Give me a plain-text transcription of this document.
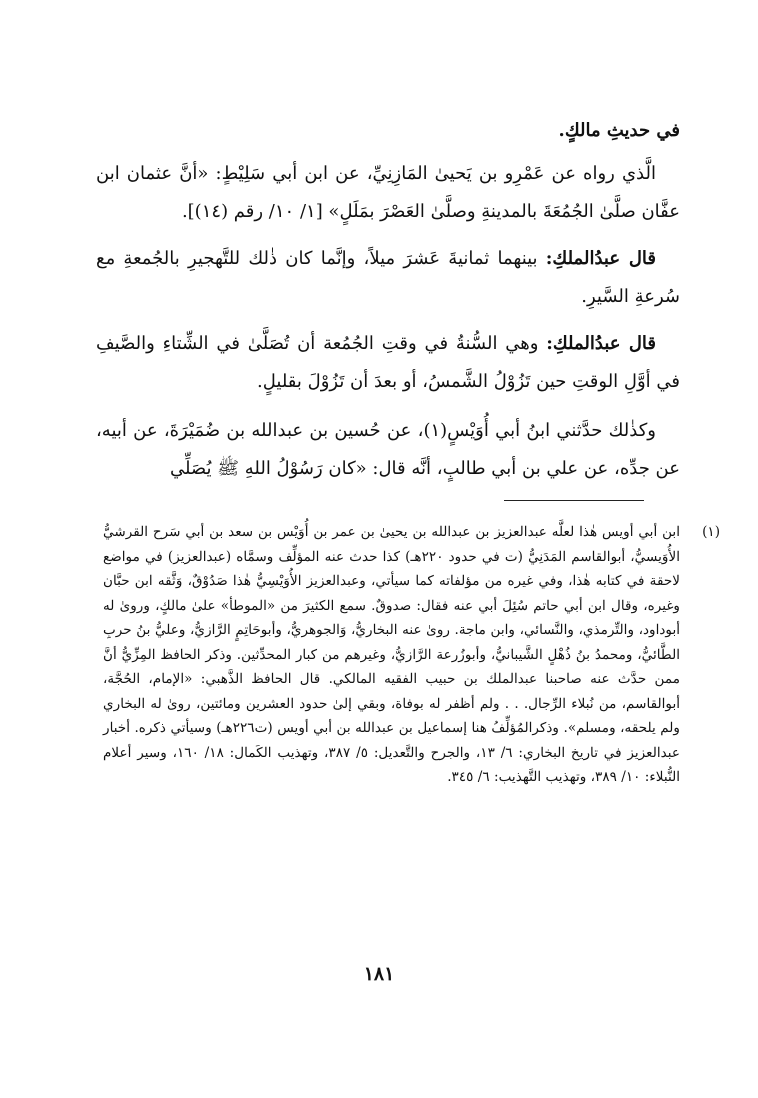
في حديثِ مالكٍ.

الَّذي رواه عن عَمْرِو بن يَحيىٰ المَازِنِيِّ، عن ابن أبي سَلِيْطٍ: «أنَّ عثمان ابن عفَّان صلَّىٰ الجُمُعَةَ بالمدينةِ وصلَّىٰ العَصْرَ بمَلَلٍ» [١/ ١٠/ رقم (١٤)].

قال عبدُالملكِ: بينهما ثمانيةَ عَشرَ ميلاً، وإنَّما كان ذٰلك للتَّهجيرِ بالجُمعةِ مع سُرعةِ السَّيرِ.

قال عبدُالملكِ: وهي السُّنةُ في وقتِ الجُمُعة أن تُصَلَّىٰ في الشِّتاءِ والصَّيفِ في أوَّلِ الوقتِ حين تَزُوْلُ الشَّمسُ، أو بعدَ أن تَزُوْلَ بقليلٍ.

وكذٰلك حدَّثني ابنُ أبي أُوَيْسٍ(١)، عن حُسين بن عبدالله بن ضُمَيْرَةَ، عن أبيه، عن جدِّه، عن علي بن أبي طالبٍ، أنَّه قال: «كان رَسُوْلُ اللهِ ﷺ يُصَلِّي

(١)
ابن أبي أويس هٰذا لعلَّه عبدالعزيز بن عبدالله بن يحيىٰ بن عمر بن أُوَيْس بن سعد بن أبي سَرح القرشيُّ الأُوَيسيُّ، أبوالقاسم المَدَنِيُّ (ت في حدود ٢٢٠هـ) كذا حدث عنه المؤلِّف وسمَّاه (عبدالعزيز) في مواضع لاحقة في كتابه هٰذا، وفي غيره من مؤلفاته كما سيأتي، وعبدالعزيز الأُوَيْسِيُّ هٰذا صَدُوْقٌ، وَثَّقه ابن حبَّان وغيره، وقال ابن أبي حاتم سُئِلَ أبي عنه فقال: صدوقٌ. سمع الكثيرَ من «الموطأ» علىٰ مالكٍ، وروىٰ له أبوداود، والتِّرمذي، والنَّسائي، وابن ماجة. روىٰ عنه البخاريُّ، وَالجوهريُّ، وأبوحَاتِمٍ الرَّازيُّ، وعليُّ بنُ حربِ الطَّائيُّ، ومحمدُ بنُ ذُهْلٍ الشَّيبانيُّ، وأبوزُرعة الرَّازيُّ، وغيرهم من كبار المحدِّثين. وذكر الحافظ المِزِّيُّ أنَّ ممن حدَّث عنه صاحبنا عبدالملك بن حبيب الفقيه المالكي. قال الحافظ الذَّهبي: «الإمام، الحُجَّة، أبوالقاسم، من نُبلاء الرِّجال. . . ولم أظفر له بوفاة، وبقي إلىٰ حدود العشرين ومائتين، روىٰ له البخاري ولم يلحقه، ومسلم». وذكرالمُؤلِّفُ هنا إسماعيل بن عبدالله بن أبي أويس (ت٢٢٦هـ) وسيأتي ذكره. أخبار عبدالعزيز في تاريخ البخاري: ٦/ ١٣، والجرح والتَّعديل: ٥/ ٣٨٧، وتهذيب الكَمال: ١٨/ ١٦٠، وسير أعلام النُّبلاء: ١٠/ ٣٨٩، وتهذيب التَّهذيب: ٦/ ٣٤٥.
١٨١
